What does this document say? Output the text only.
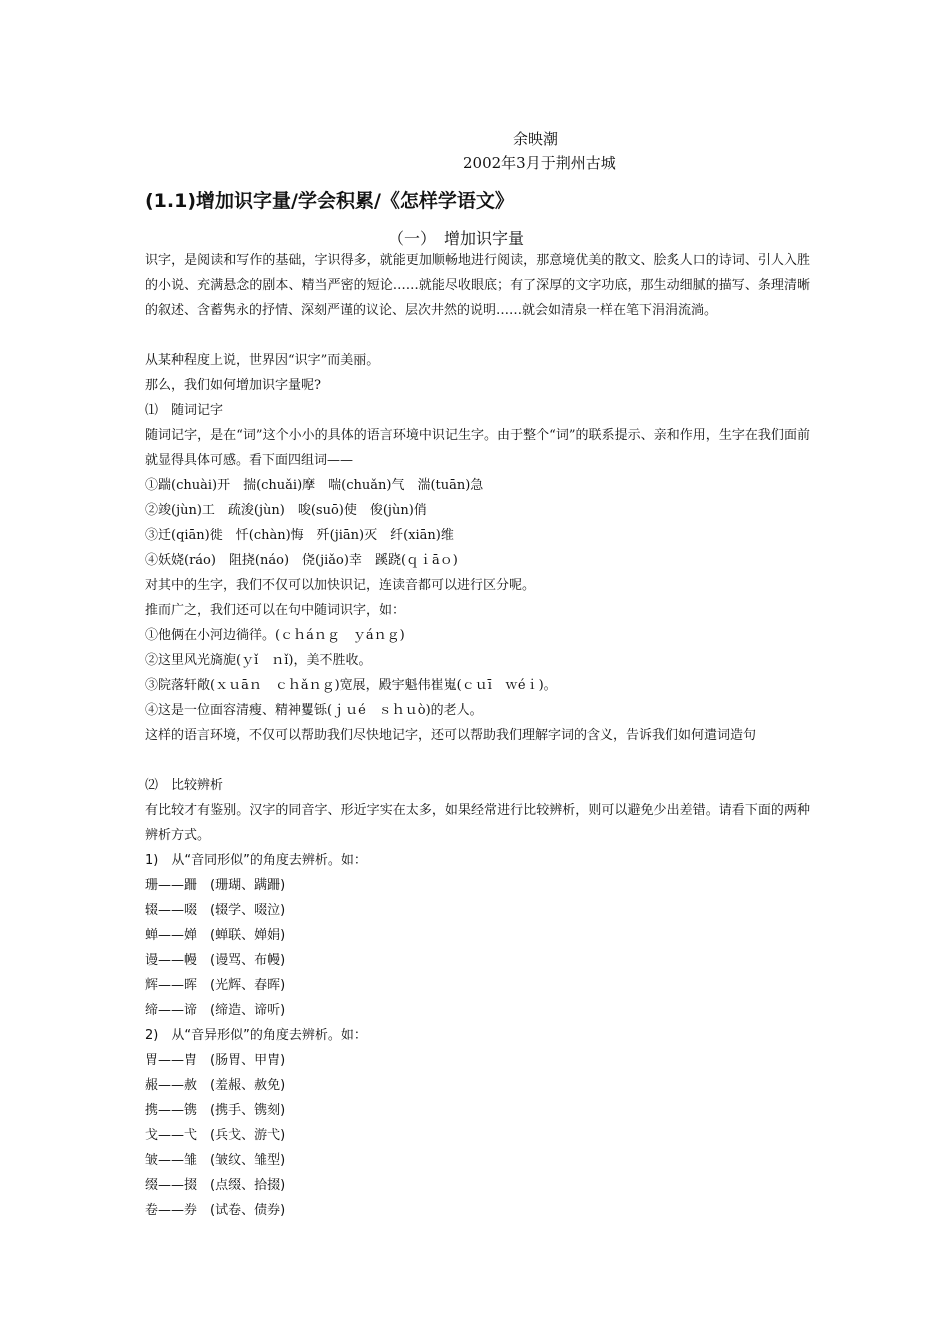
余映潮
2002年3月于荆州古城
(1.1)增加识字量/学会积累/《怎样学语文》
（一）　增加识字量
识字，是阅读和写作的基础，字识得多，就能更加顺畅地进行阅读，那意境优美的散文、脍炙人口的诗词、引人入胜的小说、充满悬念的剧本、精当严密的短论……就能尽收眼底；有了深厚的文字功底，那生动细腻的描写、条理清晰的叙述、含蓄隽永的抒情、深刻严谨的议论、层次井然的说明……就会如清泉一样在笔下涓涓流淌。
从某种程度上说，世界因“识字”而美丽。
那么，我们如何增加识字量呢?
⑴　随词记字
随词记字，是在“词”这个小小的具体的语言环境中识记生字。由于整个“词”的联系提示、亲和作用，生字在我们面前就显得具体可感。看下面四组词——
①踹(chuài)开　揣(chuǎi)摩　喘(chuǎn)气　湍(tuān)急
②竣(jùn)工　疏浚(jùn)　唆(suō)使　俊(jùn)俏
③迁(qiān)徙　忏(chàn)悔　歼(jiān)灭　纤(xiān)维
④妖娆(ráo)　阻挠(náo)　侥(jiǎo)幸　蹊跷(ｑｉāｏ)
对其中的生字，我们不仅可以加快识记，连读音都可以进行区分呢。
推而广之，我们还可以在句中随词识字，如：
①他俩在小河边徜徉。(ｃｈáｎｇ　ｙáｎｇ)
②这里风光旖旎(ｙǐ　ｎǐ)，美不胜收。
③院落轩敞(ｘｕāｎ　ｃｈǎｎｇ)宽展，殿宇魁伟崔嵬(ｃｕī　ｗéｉ)。
④这是一位面容清瘦、精神矍铄(ｊｕé　ｓｈｕò)的老人。
这样的语言环境，不仅可以帮助我们尽快地记字，还可以帮助我们理解字词的含义，告诉我们如何遣词造句
⑵　比较辨析
有比较才有鉴别。汉字的同音字、形近字实在太多，如果经常进行比较辨析，则可以避免少出差错。请看下面的两种辨析方式。
1)　从“音同形似”的角度去辨析。如：
珊——跚　(珊瑚、蹒跚)
辍——啜　(辍学、啜泣)
蝉——婵　(蝉联、婵娟)
谩——幔　(谩骂、布幔)
辉——晖　(光辉、春晖)
缔——谛　(缔造、谛听)
2)　从“音异形似”的角度去辨析。如：
胃——胄　(肠胃、甲胄)
赧——赦　(羞赧、赦免)
携——镌　(携手、镌刻)
戈——弋　(兵戈、游弋)
皱——雏　(皱纹、雏型)
缀——掇　(点缀、拾掇)
卷——券　(试卷、债券)
